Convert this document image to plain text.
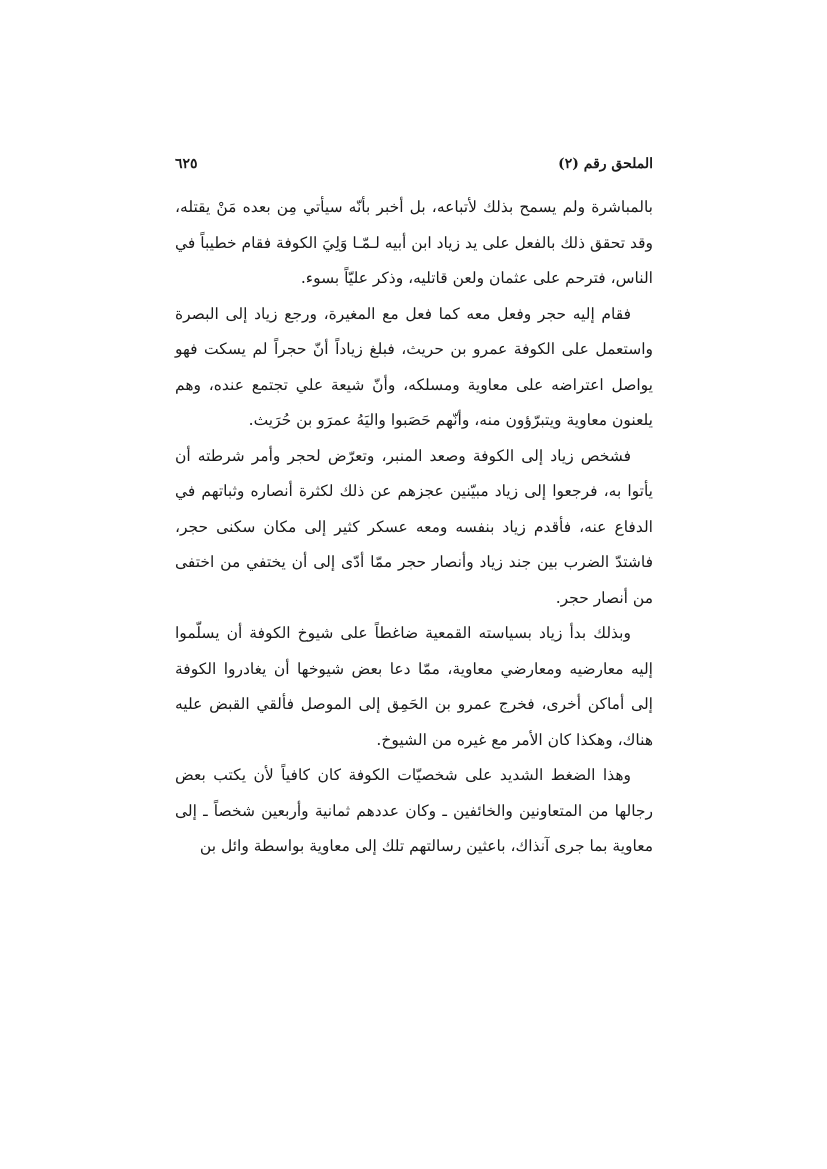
الملحق رقم (٢)
٦٢٥

بالمباشرة ولم يسمح بذلك لأتباعه، بل أخبر بأنّه سيأتي مِن بعده مَنْ يقتله، وقد تحقق ذلك بالفعل على يد زياد ابن أبيه لـمّـا وَلِيَ الكوفة فقام خطيباً في الناس، فترحم على عثمان ولعن قاتليه، وذكر عليّاً بسوء.

فقام إليه حجر وفعل معه كما فعل مع المغيرة، ورجع زياد إلى البصرة واستعمل على الكوفة عمرو بن حريث، فبلغ زياداً أنّ حجراً لم يسكت فهو يواصل اعتراضه على معاوية ومسلكه، وأنّ شيعة علي تجتمع عنده، وهم يلعنون معاوية ويتبرّؤون منه، وأنّهم حَصَبوا واليَهُ عمرَو بن حُرَيث.

فشخص زياد إلى الكوفة وصعد المنبر، وتعرّض لحجر وأمر شرطته أن يأتوا به، فرجعوا إلى زياد مبيّنين عجزهم عن ذلك لكثرة أنصاره وثباتهم في الدفاع عنه، فأقدم زياد بنفسه ومعه عسكر كثير إلى مكان سكنى حجر، فاشتدّ الضرب بين جند زياد وأنصار حجر ممّا أدّى إلى أن يختفي من اختفى من أنصار حجر.

وبذلك بدأ زياد بسياسته القمعية ضاغطاً على شيوخ الكوفة أن يسلّموا إليه معارضيه ومعارضي معاوية، ممّا دعا بعض شيوخها أن يغادروا الكوفة إلى أماكن أخرى، فخرج عمرو بن الحَمِق إلى الموصل فألقي القبض عليه هناك، وهكذا كان الأمر مع غيره من الشيوخ.

وهذا الضغط الشديد على شخصيّات الكوفة كان كافياً لأن يكتب بعض رجالها من المتعاونين والخائفين ـ وكان عددهم ثمانية وأربعين شخصاً ـ إلى معاوية بما جرى آنذاك، باعثين رسالتهم تلك إلى معاوية بواسطة وائل بن
